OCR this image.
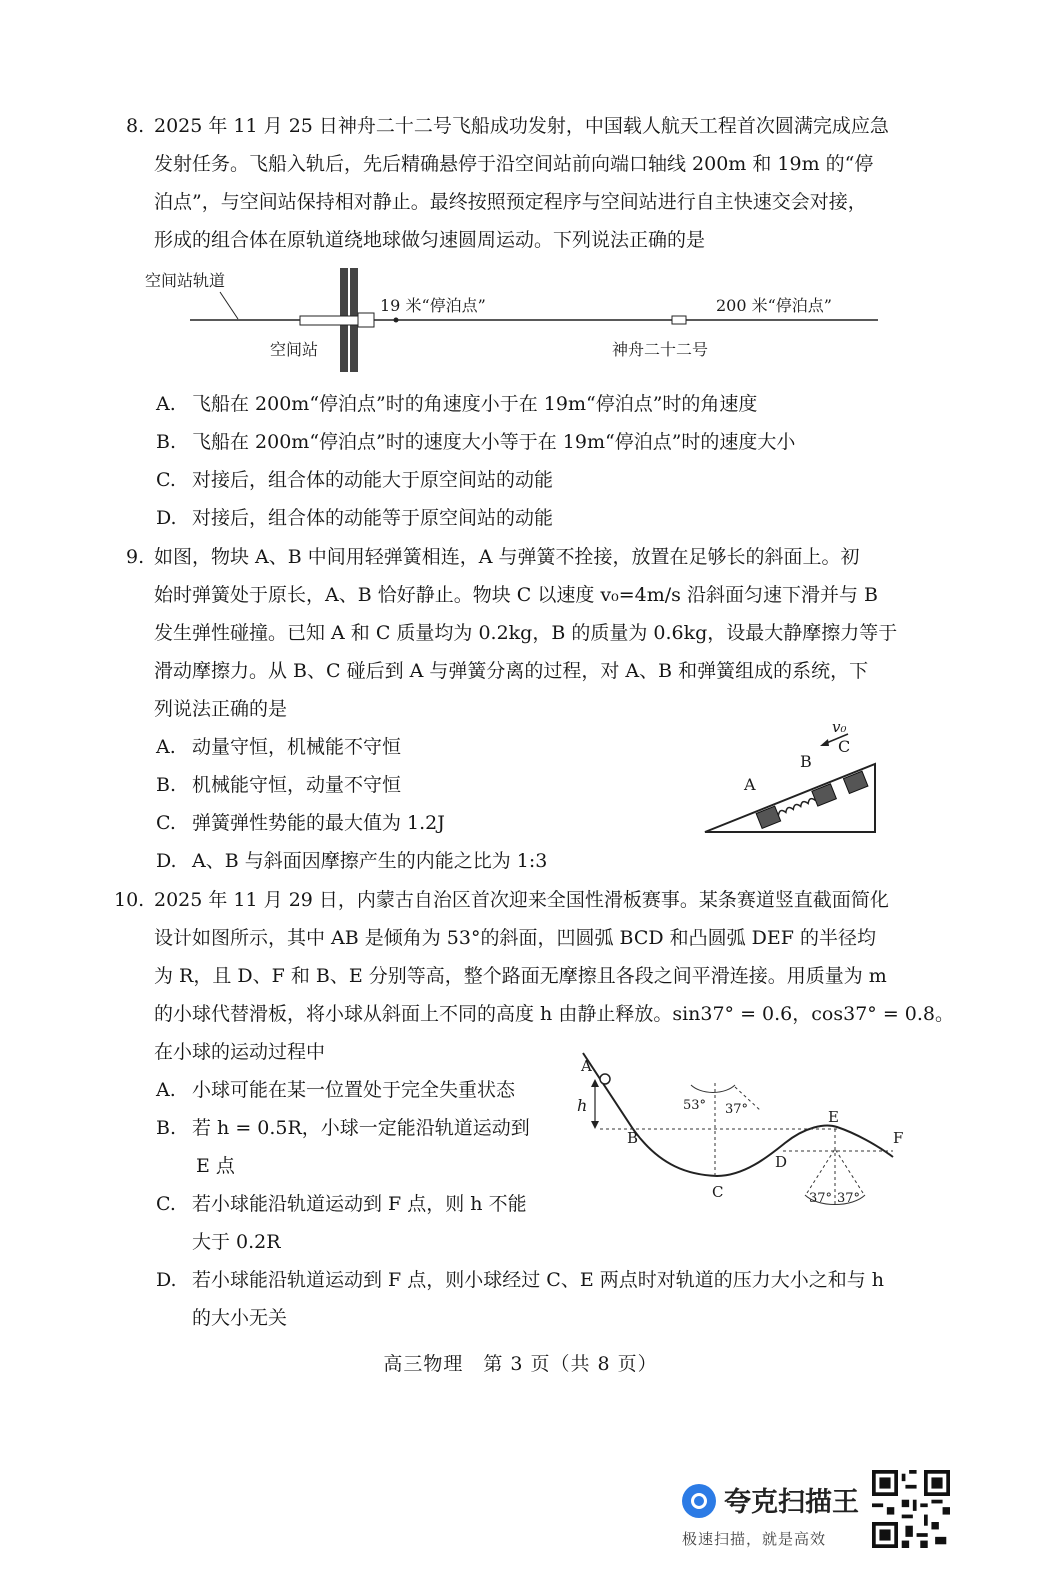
8. 2025 年 11 月 25 日神舟二十二号飞船成功发射，中国载人航天工程首次圆满完成应急
发射任务。飞船入轨后，先后精确悬停于沿空间站前向端口轴线 200m 和 19m 的“停
泊点”，与空间站保持相对静止。最终按照预定程序与空间站进行自主快速交会对接，
形成的组合体在原轨道绕地球做匀速圆周运动。下列说法正确的是
空间站轨道
19 米“停泊点”	200 米“停泊点”
空间站	神舟二十二号
A. 飞船在 200m“停泊点”时的角速度小于在 19m“停泊点”时的角速度
B. 飞船在 200m“停泊点”时的速度大小等于在 19m“停泊点”时的速度大小
C. 对接后，组合体的动能大于原空间站的动能
D. 对接后，组合体的动能等于原空间站的动能
9. 如图，物块 A、B 中间用轻弹簧相连，A 与弹簧不拴接，放置在足够长的斜面上。初
始时弹簧处于原长，A、B 恰好静止。物块 C 以速度 v₀=4m/s 沿斜面匀速下滑并与 B
发生弹性碰撞。已知 A 和 C 质量均为 0.2kg，B 的质量为 0.6kg，设最大静摩擦力等于
滑动摩擦力。从 B、C 碰后到 A 与弹簧分离的过程，对 A、B 和弹簧组成的系统，下
列说法正确的是
A. 动量守恒，机械能不守恒
B. 机械能守恒，动量不守恒
C. 弹簧弹性势能的最大值为 1.2J
D. A、B 与斜面因摩擦产生的内能之比为 1:3
A
B
C
v₀
10. 2025 年 11 月 29 日，内蒙古自治区首次迎来全国性滑板赛事。某条赛道竖直截面简化
设计如图所示，其中 AB 是倾角为 53°的斜面，凹圆弧 BCD 和凸圆弧 DEF 的半径均
为 R，且 D、F 和 B、E 分别等高，整个路面无摩擦且各段之间平滑连接。用质量为 m
的小球代替滑板，将小球从斜面上不同的高度 h 由静止释放。sin37° = 0.6，cos37° = 0.8。
在小球的运动过程中
A. 小球可能在某一位置处于完全失重状态
B. 若 h = 0.5R，小球一定能沿轨道运动到
E 点
C. 若小球能沿轨道运动到 F 点，则 h 不能
大于 0.2R
D. 若小球能沿轨道运动到 F 点，则小球经过 C、E 两点时对轨道的压力大小之和与 h
的大小无关
A
h
B
C
D
E
F
53° 37°
37° 37°
高三物理　第 3 页（共 8 页）
夸克扫描王
极速扫描，就是高效
